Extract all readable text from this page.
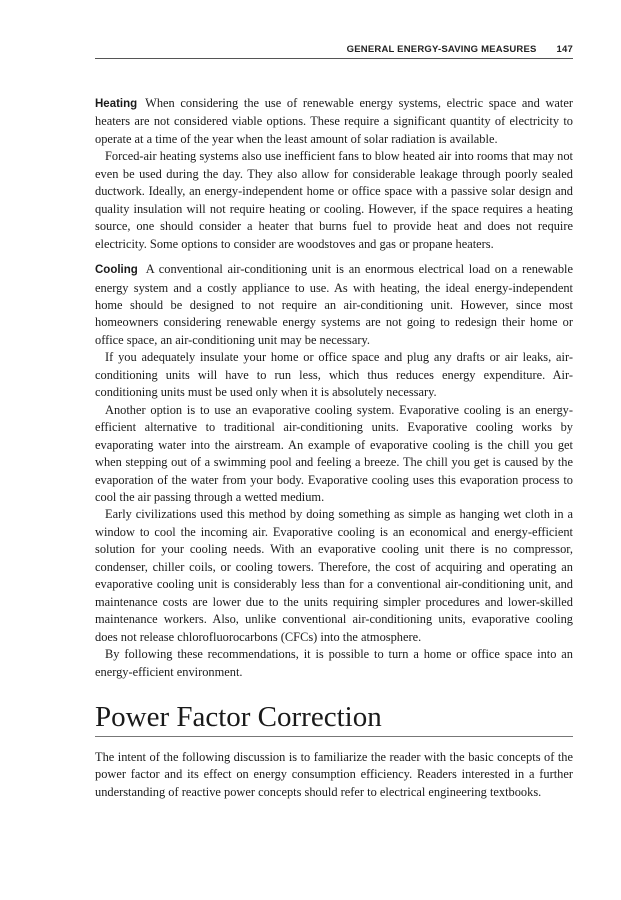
GENERAL ENERGY-SAVING MEASURES 147

Heating When considering the use of renewable energy systems, electric space and water heaters are not considered viable options. These require a significant quantity of electricity to operate at a time of the year when the least amount of solar radiation is available.

Forced-air heating systems also use inefficient fans to blow heated air into rooms that may not even be used during the day. They also allow for considerable leakage through poorly sealed ductwork. Ideally, an energy-independent home or office space with a passive solar design and quality insulation will not require heating or cooling. However, if the space requires a heating source, one should consider a heater that burns fuel to provide heat and does not require electricity. Some options to consider are woodstoves and gas or propane heaters.

Cooling A conventional air-conditioning unit is an enormous electrical load on a renewable energy system and a costly appliance to use. As with heating, the ideal energy-independent home should be designed to not require an air-conditioning unit. However, since most homeowners considering renewable energy systems are not going to redesign their home or office space, an air-conditioning unit may be necessary.

If you adequately insulate your home or office space and plug any drafts or air leaks, air-conditioning units will have to run less, which thus reduces energy expenditure. Air-conditioning units must be used only when it is absolutely necessary.

Another option is to use an evaporative cooling system. Evaporative cooling is an energy-efficient alternative to traditional air-conditioning units. Evaporative cooling works by evaporating water into the airstream. An example of evaporative cooling is the chill you get when stepping out of a swimming pool and feeling a breeze. The chill you get is caused by the evaporation of the water from your body. Evaporative cooling uses this evaporation process to cool the air passing through a wetted medium.

Early civilizations used this method by doing something as simple as hanging wet cloth in a window to cool the incoming air. Evaporative cooling is an economical and energy-efficient solution for your cooling needs. With an evaporative cooling unit there is no compressor, condenser, chiller coils, or cooling towers. Therefore, the cost of acquiring and operating an evaporative cooling unit is considerably less than for a conventional air-conditioning unit, and maintenance costs are lower due to the units requiring simpler procedures and lower-skilled maintenance workers. Also, unlike conventional air-conditioning units, evaporative cooling does not release chlorofluorocarbons (CFCs) into the atmosphere.

By following these recommendations, it is possible to turn a home or office space into an energy-efficient environment.

Power Factor Correction

The intent of the following discussion is to familiarize the reader with the basic concepts of the power factor and its effect on energy consumption efficiency. Readers interested in a further understanding of reactive power concepts should refer to electrical engineering textbooks.
